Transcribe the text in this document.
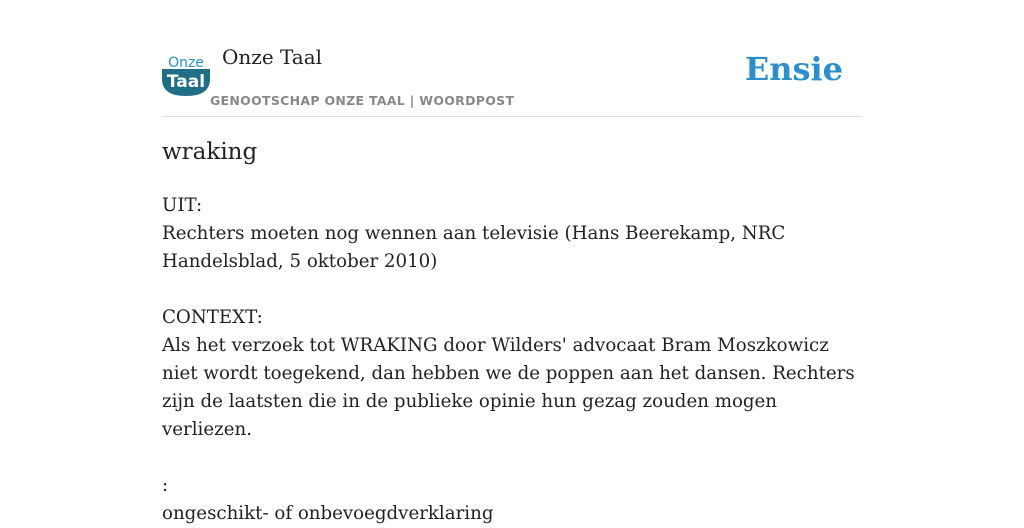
Onze
Taal
Onze Taal
GENOOTSCHAP ONZE TAAL | WOORDPOST
Ensie
wraking
UIT:
Rechters moeten nog wennen aan televisie (Hans Beerekamp, NRC Handelsblad, 5 oktober 2010)

CONTEXT:
Als het verzoek tot WRAKING door Wilders' advocaat Bram Moszkowicz niet wordt toegekend, dan hebben we de poppen aan het dansen. Rechters zijn de laatsten die in de publieke opinie hun gezag zouden mogen verliezen.

:
ongeschikt- of onbevoegdverklaring
